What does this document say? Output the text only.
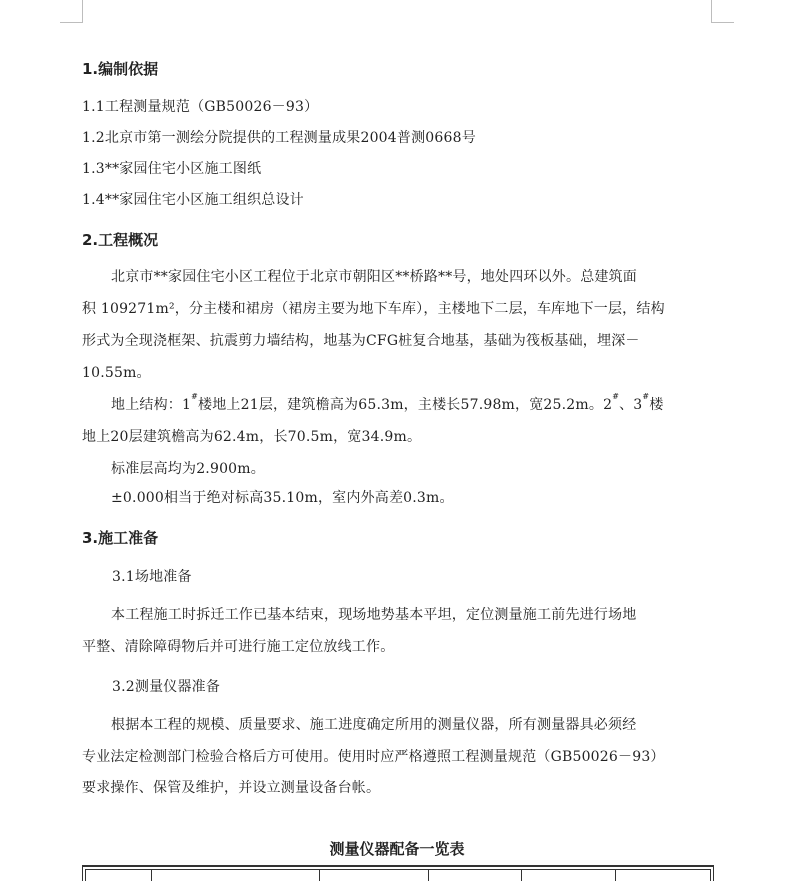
1.编制依据
1.1工程测量规范（GB50026－93）
1.2北京市第一测绘分院提供的工程测量成果2004普测0668号
1.3**家园住宅小区施工图纸
1.4**家园住宅小区施工组织总设计
2.工程概况
北京市**家园住宅小区工程位于北京市朝阳区**桥路**号，地处四环以外。总建筑面
积 109271m²，分主楼和裙房（裙房主要为地下车库），主楼地下二层，车库地下一层，结构
形式为全现浇框架、抗震剪力墙结构，地基为CFG桩复合地基，基础为筏板基础，埋深－
10.55m。
地上结构：1#楼地上21层，建筑檐高为65.3m，主楼长57.98m，宽25.2m。2#、3#楼
地上20层建筑檐高为62.4m，长70.5m，宽34.9m。
标准层高均为2.900m。
±0.000相当于绝对标高35.10m，室内外高差0.3m。
3.施工准备
3.1场地准备
本工程施工时拆迁工作已基本结束，现场地势基本平坦，定位测量施工前先进行场地
平整、清除障碍物后并可进行施工定位放线工作。
3.2测量仪器准备
根据本工程的规模、质量要求、施工进度确定所用的测量仪器，所有测量器具必须经
专业法定检测部门检验合格后方可使用。使用时应严格遵照工程测量规范（GB50026－93）
要求操作、保管及维护，并设立测量设备台帐。
测量仪器配备一览表
